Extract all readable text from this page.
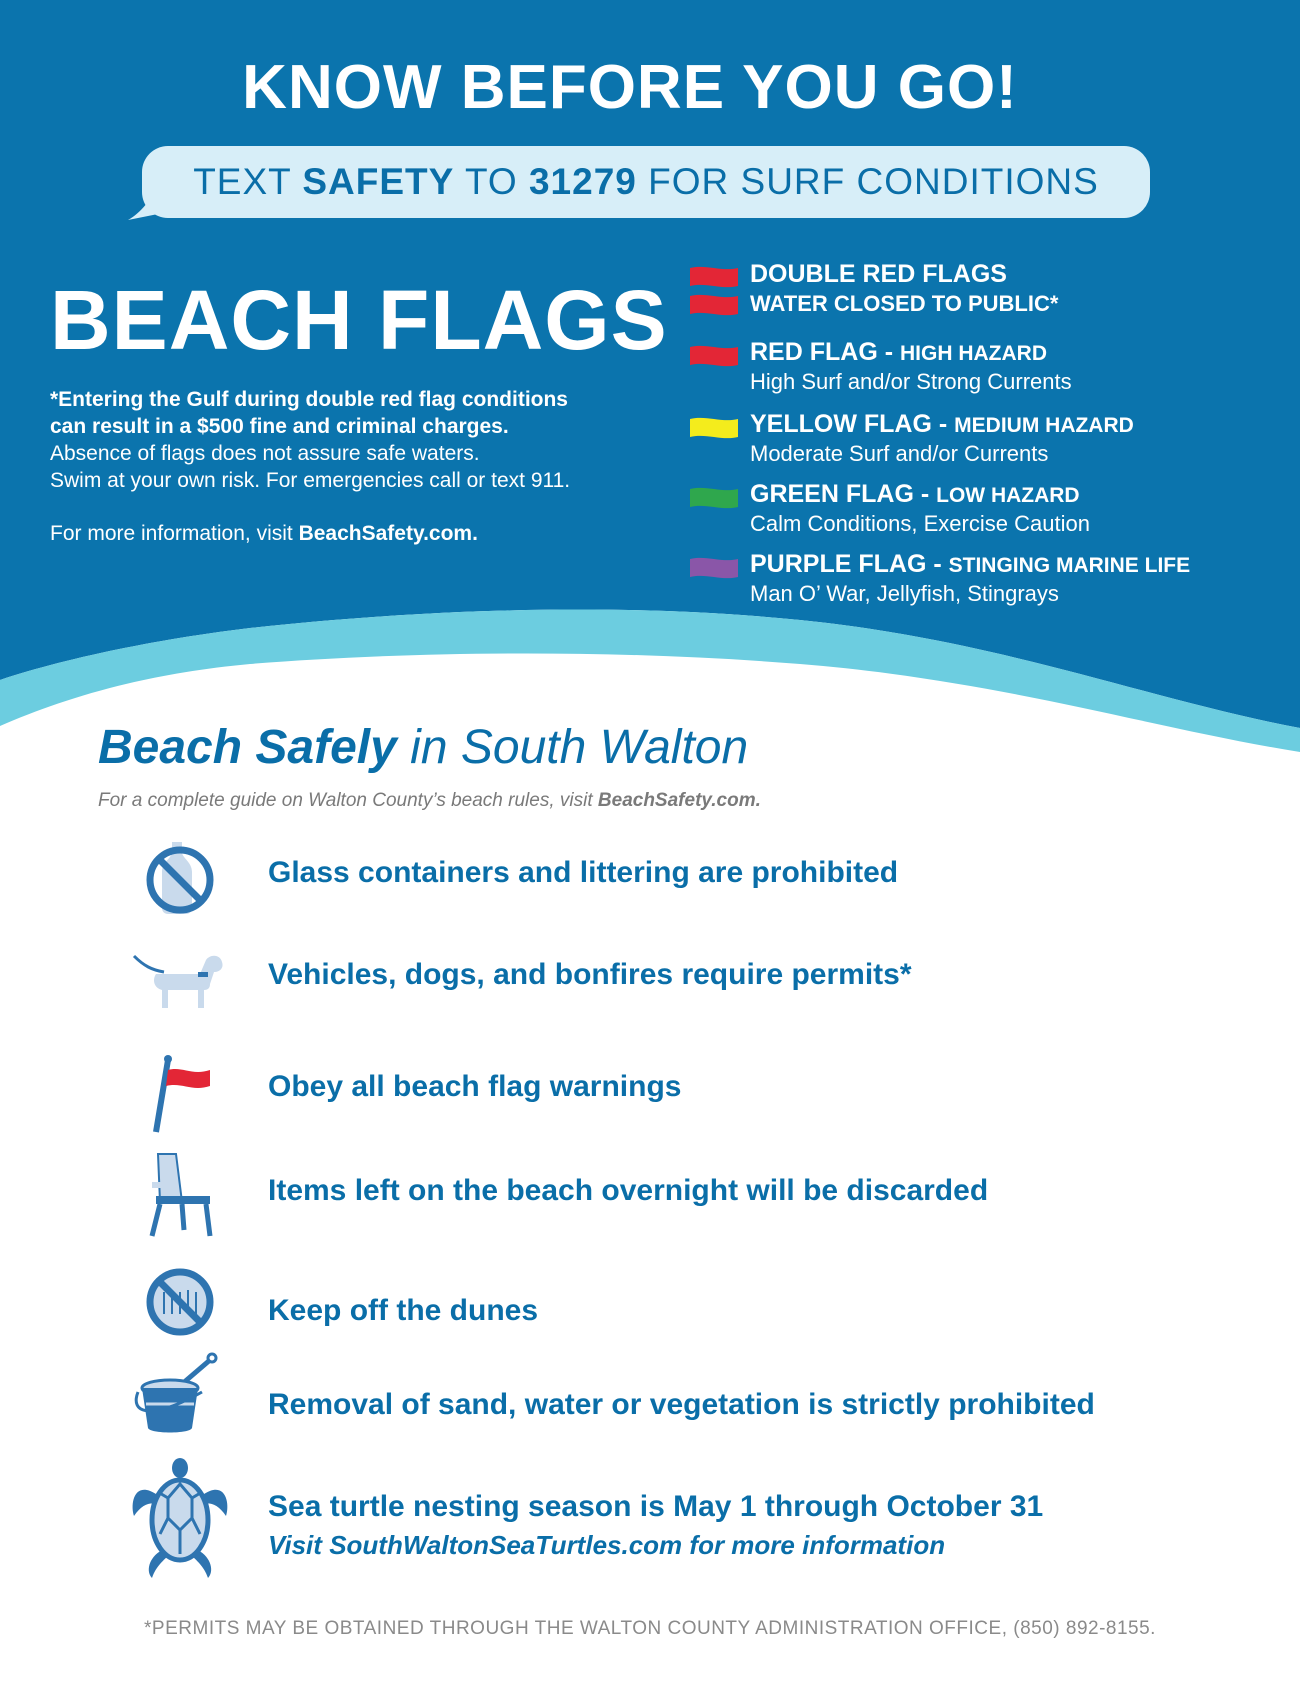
KNOW BEFORE YOU GO!
TEXT SAFETY TO 31279 FOR SURF CONDITIONS
BEACH FLAGS
*Entering the Gulf during double red flag conditions
can result in a $500 fine and criminal charges.
Absence of flags does not assure safe waters.
Swim at your own risk. For emergencies call or text 911.
For more information, visit BeachSafety.com.
DOUBLE RED FLAGS
WATER CLOSED TO PUBLIC*
RED FLAG - HIGH HAZARD
High Surf and/or Strong Currents
YELLOW FLAG - MEDIUM HAZARD
Moderate Surf and/or Currents
GREEN FLAG - LOW HAZARD
Calm Conditions, Exercise Caution
PURPLE FLAG - STINGING MARINE LIFE
Man O’ War, Jellyfish, Stingrays
Beach Safely in South Walton
For a complete guide on Walton County’s beach rules, visit BeachSafety.com.
Glass containers and littering are prohibited
Vehicles, dogs, and bonfires require permits*
Obey all beach flag warnings
Items left on the beach overnight will be discarded
Keep off the dunes
Removal of sand, water or vegetation is strictly prohibited
Sea turtle nesting season is May 1 through October 31
Visit SouthWaltonSeaTurtles.com for more information
*PERMITS MAY BE OBTAINED THROUGH THE WALTON COUNTY ADMINISTRATION OFFICE, (850) 892-8155.
